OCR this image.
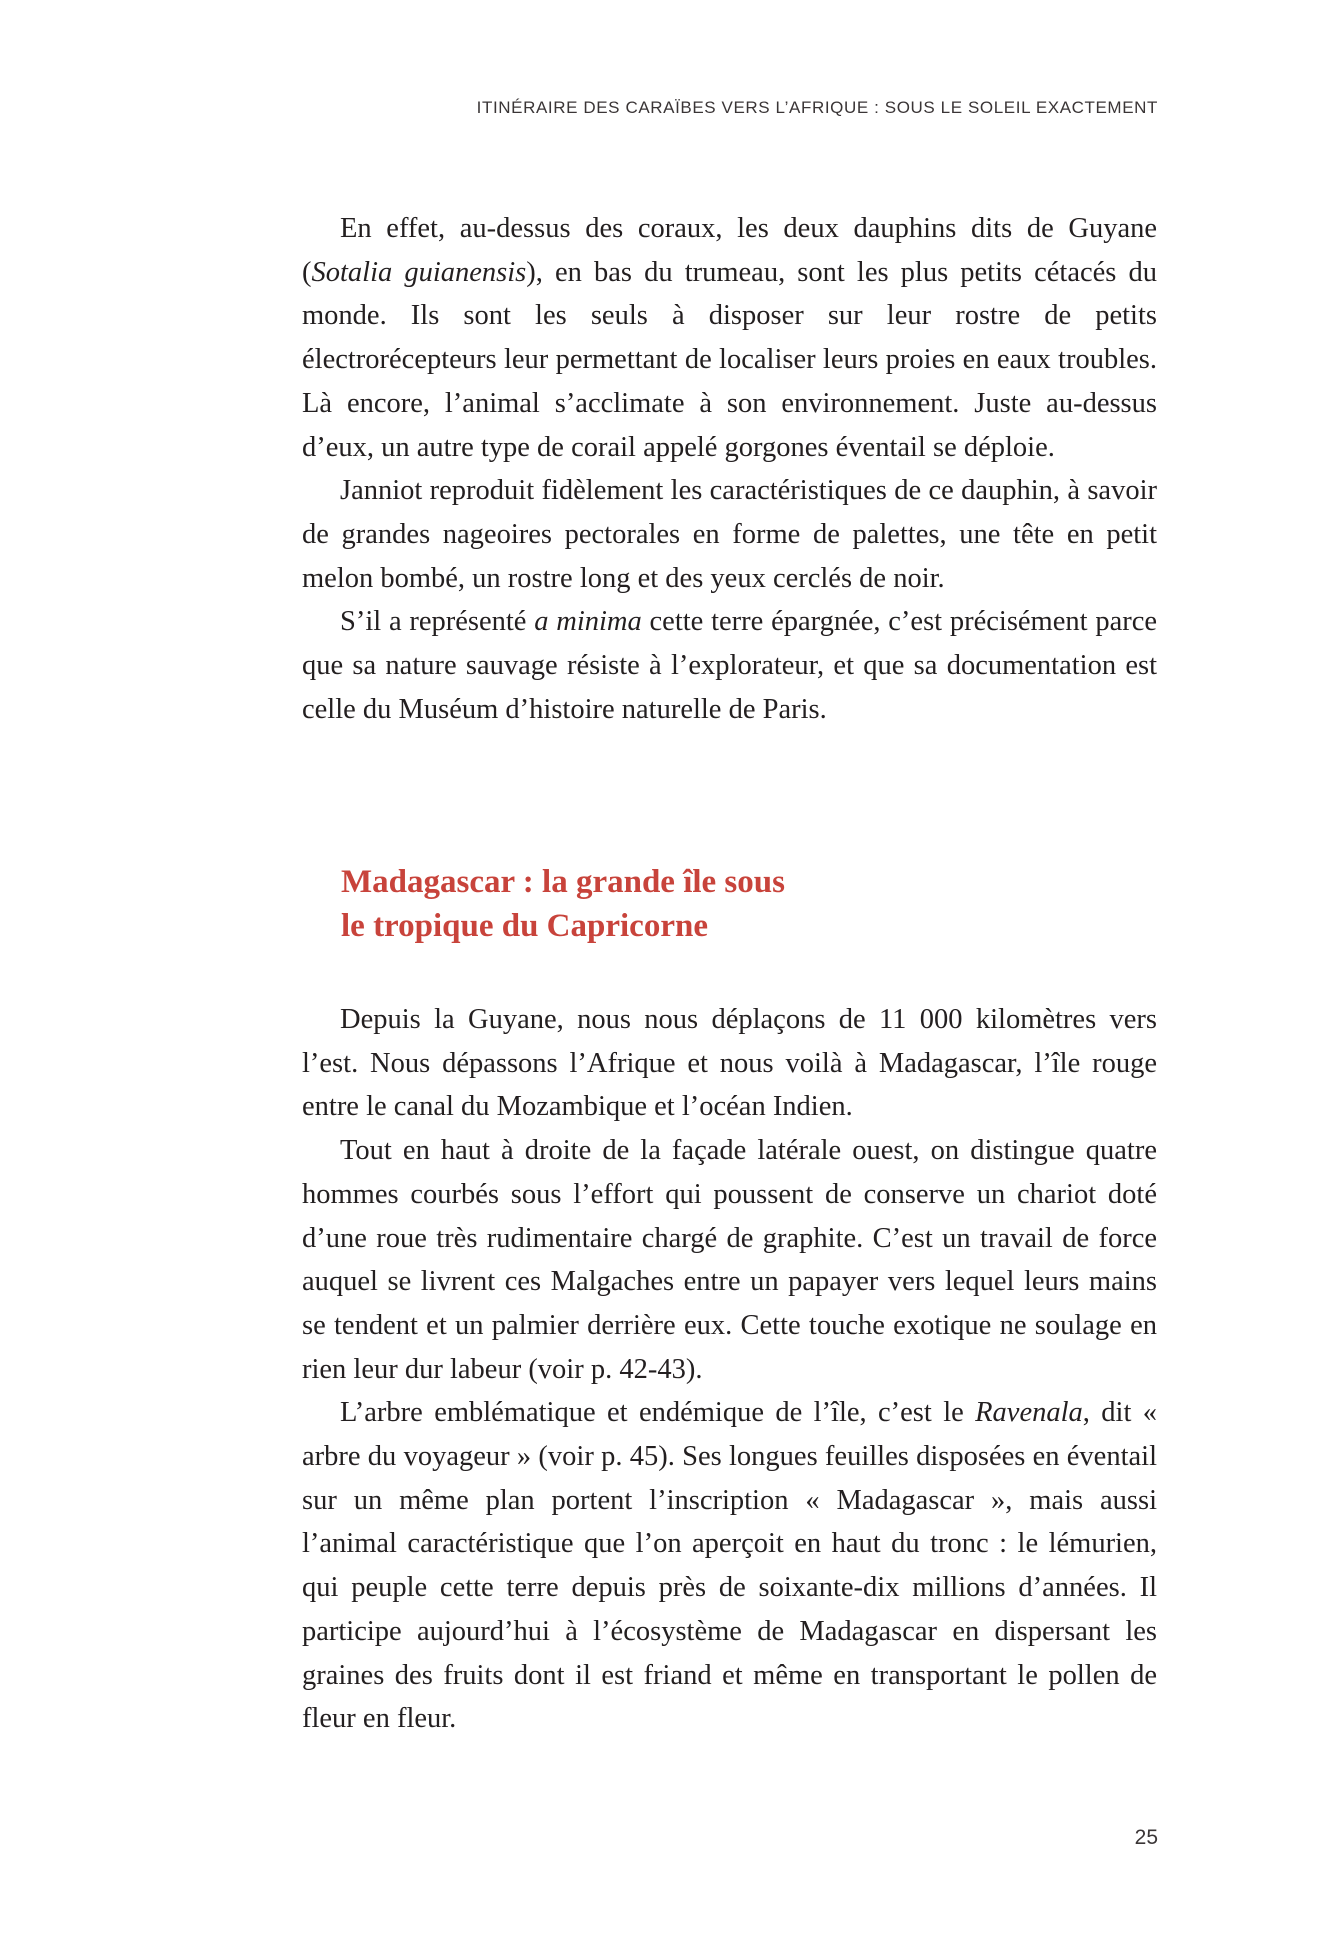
ITINÉRAIRE DES CARAÏBES VERS L’AFRIQUE : SOUS LE SOLEIL EXACTEMENT

En effet, au-dessus des coraux, les deux dauphins dits de Guyane (Sotalia guianensis), en bas du trumeau, sont les plus petits cétacés du monde. Ils sont les seuls à disposer sur leur rostre de petits électrorécepteurs leur permettant de localiser leurs proies en eaux troubles. Là encore, l’animal s’acclimate à son environnement. Juste au-dessus d’eux, un autre type de corail appelé gorgones éventail se déploie.

Janniot reproduit fidèlement les caractéristiques de ce dauphin, à savoir de grandes nageoires pectorales en forme de palettes, une tête en petit melon bombé, un rostre long et des yeux cerclés de noir.

S’il a représenté a minima cette terre épargnée, c’est précisément parce que sa nature sauvage résiste à l’explorateur, et que sa documentation est celle du Muséum d’histoire naturelle de Paris.

Madagascar : la grande île sous
le tropique du Capricorne

Depuis la Guyane, nous nous déplaçons de 11 000 kilomètres vers l’est. Nous dépassons l’Afrique et nous voilà à Madagascar, l’île rouge entre le canal du Mozambique et l’océan Indien.

Tout en haut à droite de la façade latérale ouest, on distingue quatre hommes courbés sous l’effort qui poussent de conserve un chariot doté d’une roue très rudimentaire chargé de graphite. C’est un travail de force auquel se livrent ces Malgaches entre un papayer vers lequel leurs mains se tendent et un palmier derrière eux. Cette touche exotique ne soulage en rien leur dur labeur (voir p. 42-43).

L’arbre emblématique et endémique de l’île, c’est le Ravenala, dit « arbre du voyageur » (voir p. 45). Ses longues feuilles disposées en éventail sur un même plan portent l’inscription « Madagascar », mais aussi l’animal caractéristique que l’on aperçoit en haut du tronc : le lémurien, qui peuple cette terre depuis près de soixante-dix millions d’années. Il participe aujourd’hui à l’écosystème de Madagascar en dispersant les graines des fruits dont il est friand et même en transportant le pollen de fleur en fleur.

25
